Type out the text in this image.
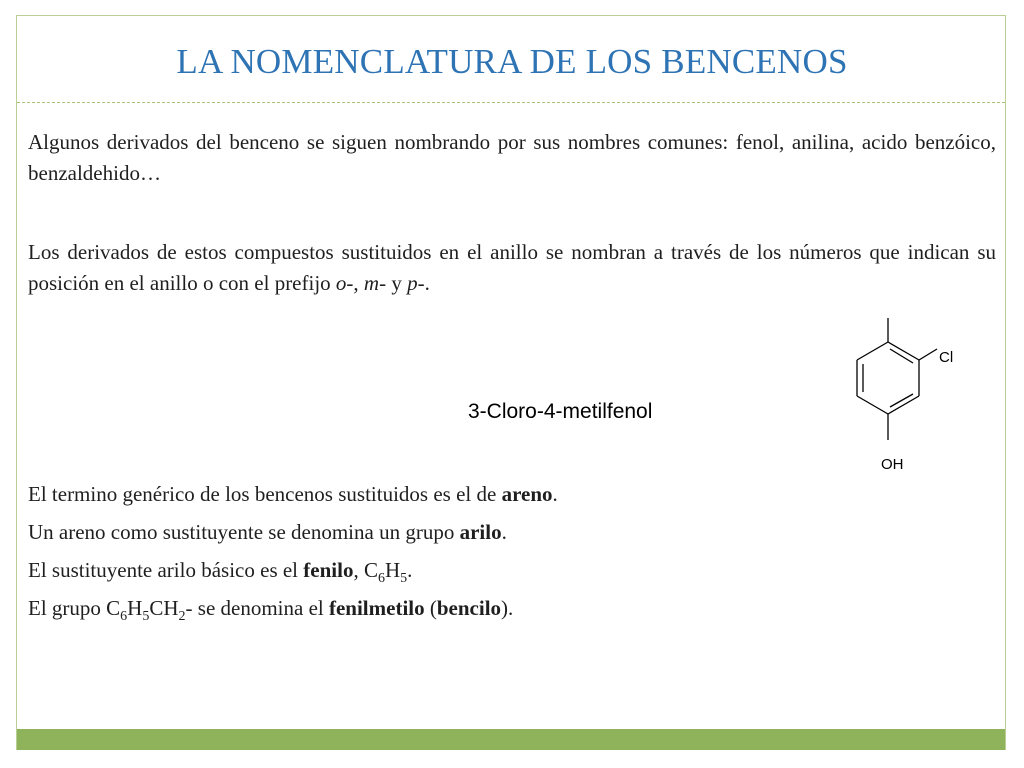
LA NOMENCLATURA DE LOS BENCENOS

Algunos derivados del benceno se siguen nombrando por sus nombres comunes: fenol, anilina, acido benzóico, benzaldehido…

Los derivados de estos compuestos sustituidos en el anillo se nombran a través de los números que indican su posición en el anillo o con el prefijo o-, m- y p-.

3-Cloro-4-metilfenol
Cl
OH

El termino genérico de los bencenos sustituidos es el de areno.

Un areno como sustituyente se denomina un grupo arilo.

El sustituyente arilo básico es el fenilo, $C_6H_5$.

El grupo $C_6H_5CH_2-$ se denomina el fenilmetilo (bencilo).
